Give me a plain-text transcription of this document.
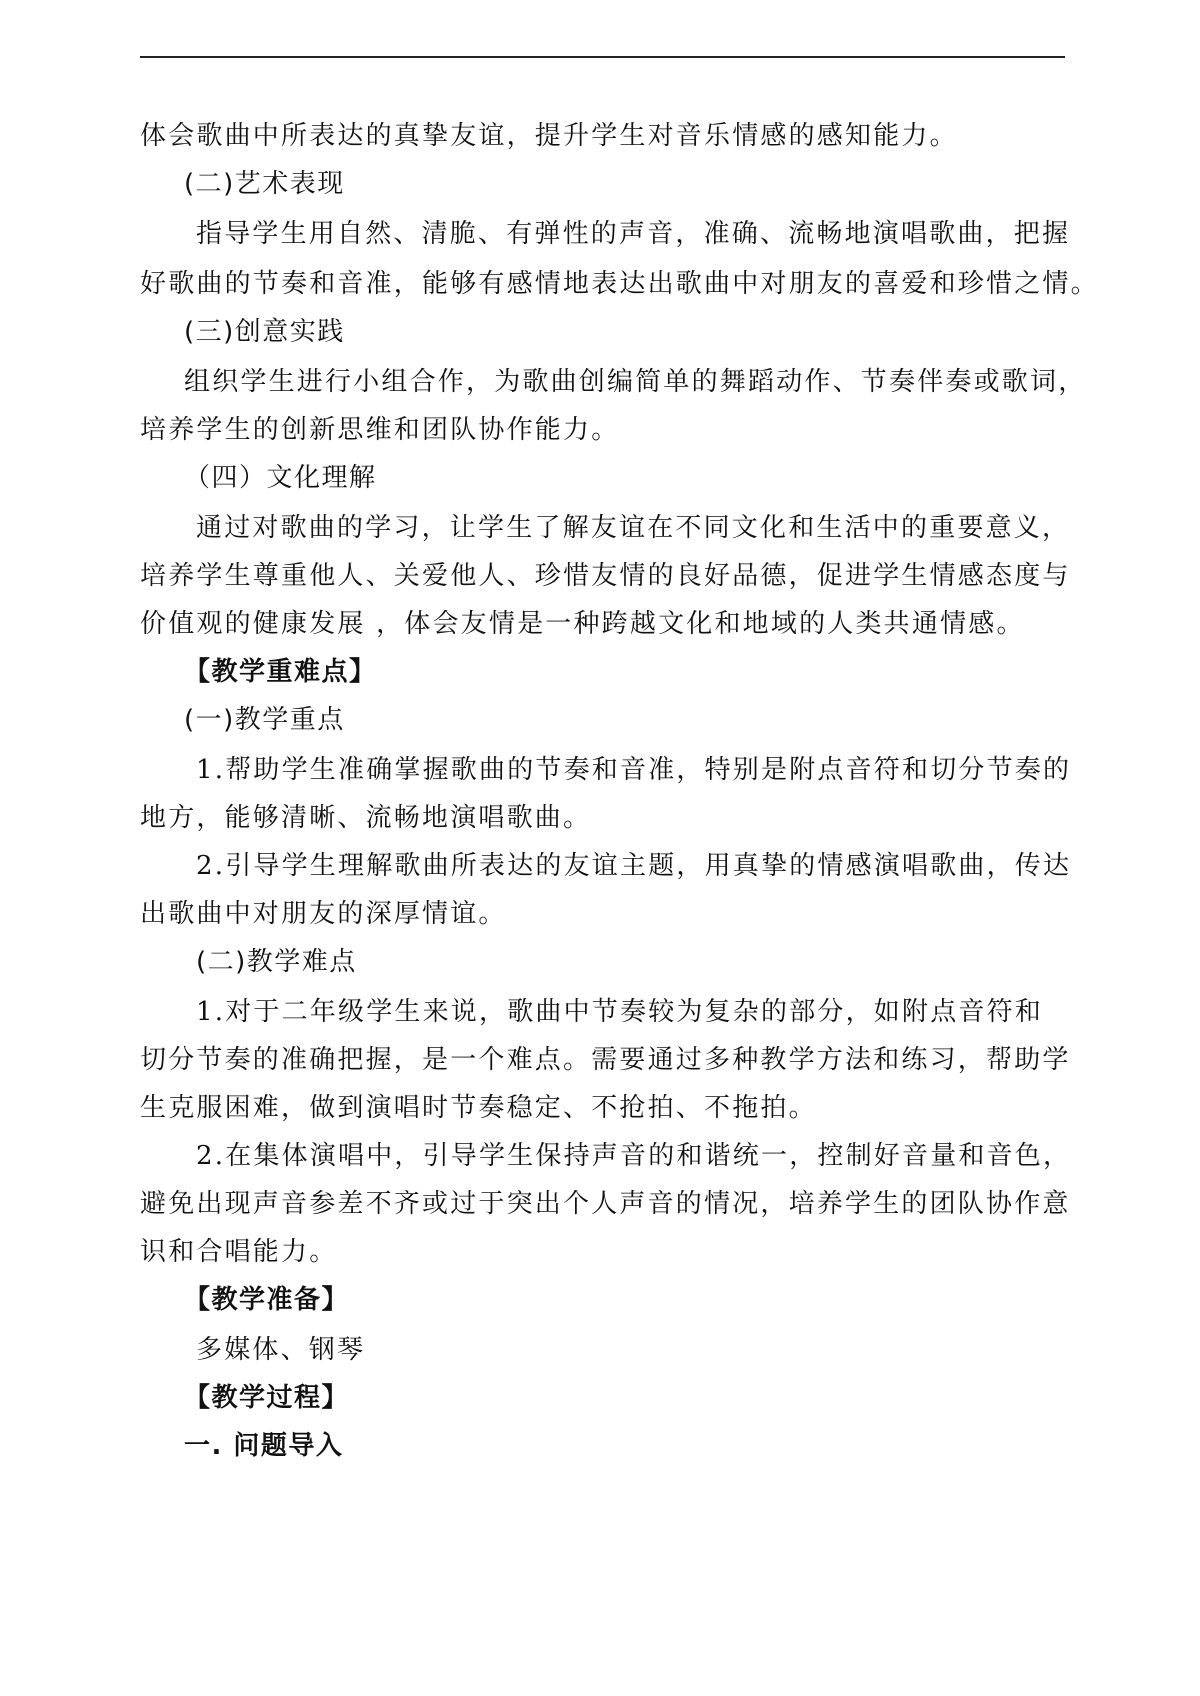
体会歌曲中所表达的真挚友谊，提升学生对音乐情感的感知能力。
(二)艺术表现
指导学生用自然、清脆、有弹性的声音，准确、流畅地演唱歌曲，把握
好歌曲的节奏和音准，能够有感情地表达出歌曲中对朋友的喜爱和珍惜之情。
(三)创意实践
组织学生进行小组合作，为歌曲创编简单的舞蹈动作、节奏伴奏或歌词，
培养学生的创新思维和团队协作能力。
（四）文化理解
通过对歌曲的学习，让学生了解友谊在不同文化和生活中的重要意义，
培养学生尊重他人、关爱他人、珍惜友情的良好品德，促进学生情感态度与
价值观的健康发展 ，体会友情是一种跨越文化和地域的人类共通情感。
【教学重难点】
(一)教学重点
1.帮助学生准确掌握歌曲的节奏和音准，特别是附点音符和切分节奏的
地方，能够清晰、流畅地演唱歌曲。
2.引导学生理解歌曲所表达的友谊主题，用真挚的情感演唱歌曲，传达
出歌曲中对朋友的深厚情谊。
(二)教学难点
1.对于二年级学生来说，歌曲中节奏较为复杂的部分，如附点音符和
切分节奏的准确把握，是一个难点。需要通过多种教学方法和练习，帮助学
生克服困难，做到演唱时节奏稳定、不抢拍、不拖拍。
2.在集体演唱中，引导学生保持声音的和谐统一，控制好音量和音色，
避免出现声音参差不齐或过于突出个人声音的情况，培养学生的团队协作意
识和合唱能力。
【教学准备】
多媒体、钢琴
【教学过程】
一. 问题导入
